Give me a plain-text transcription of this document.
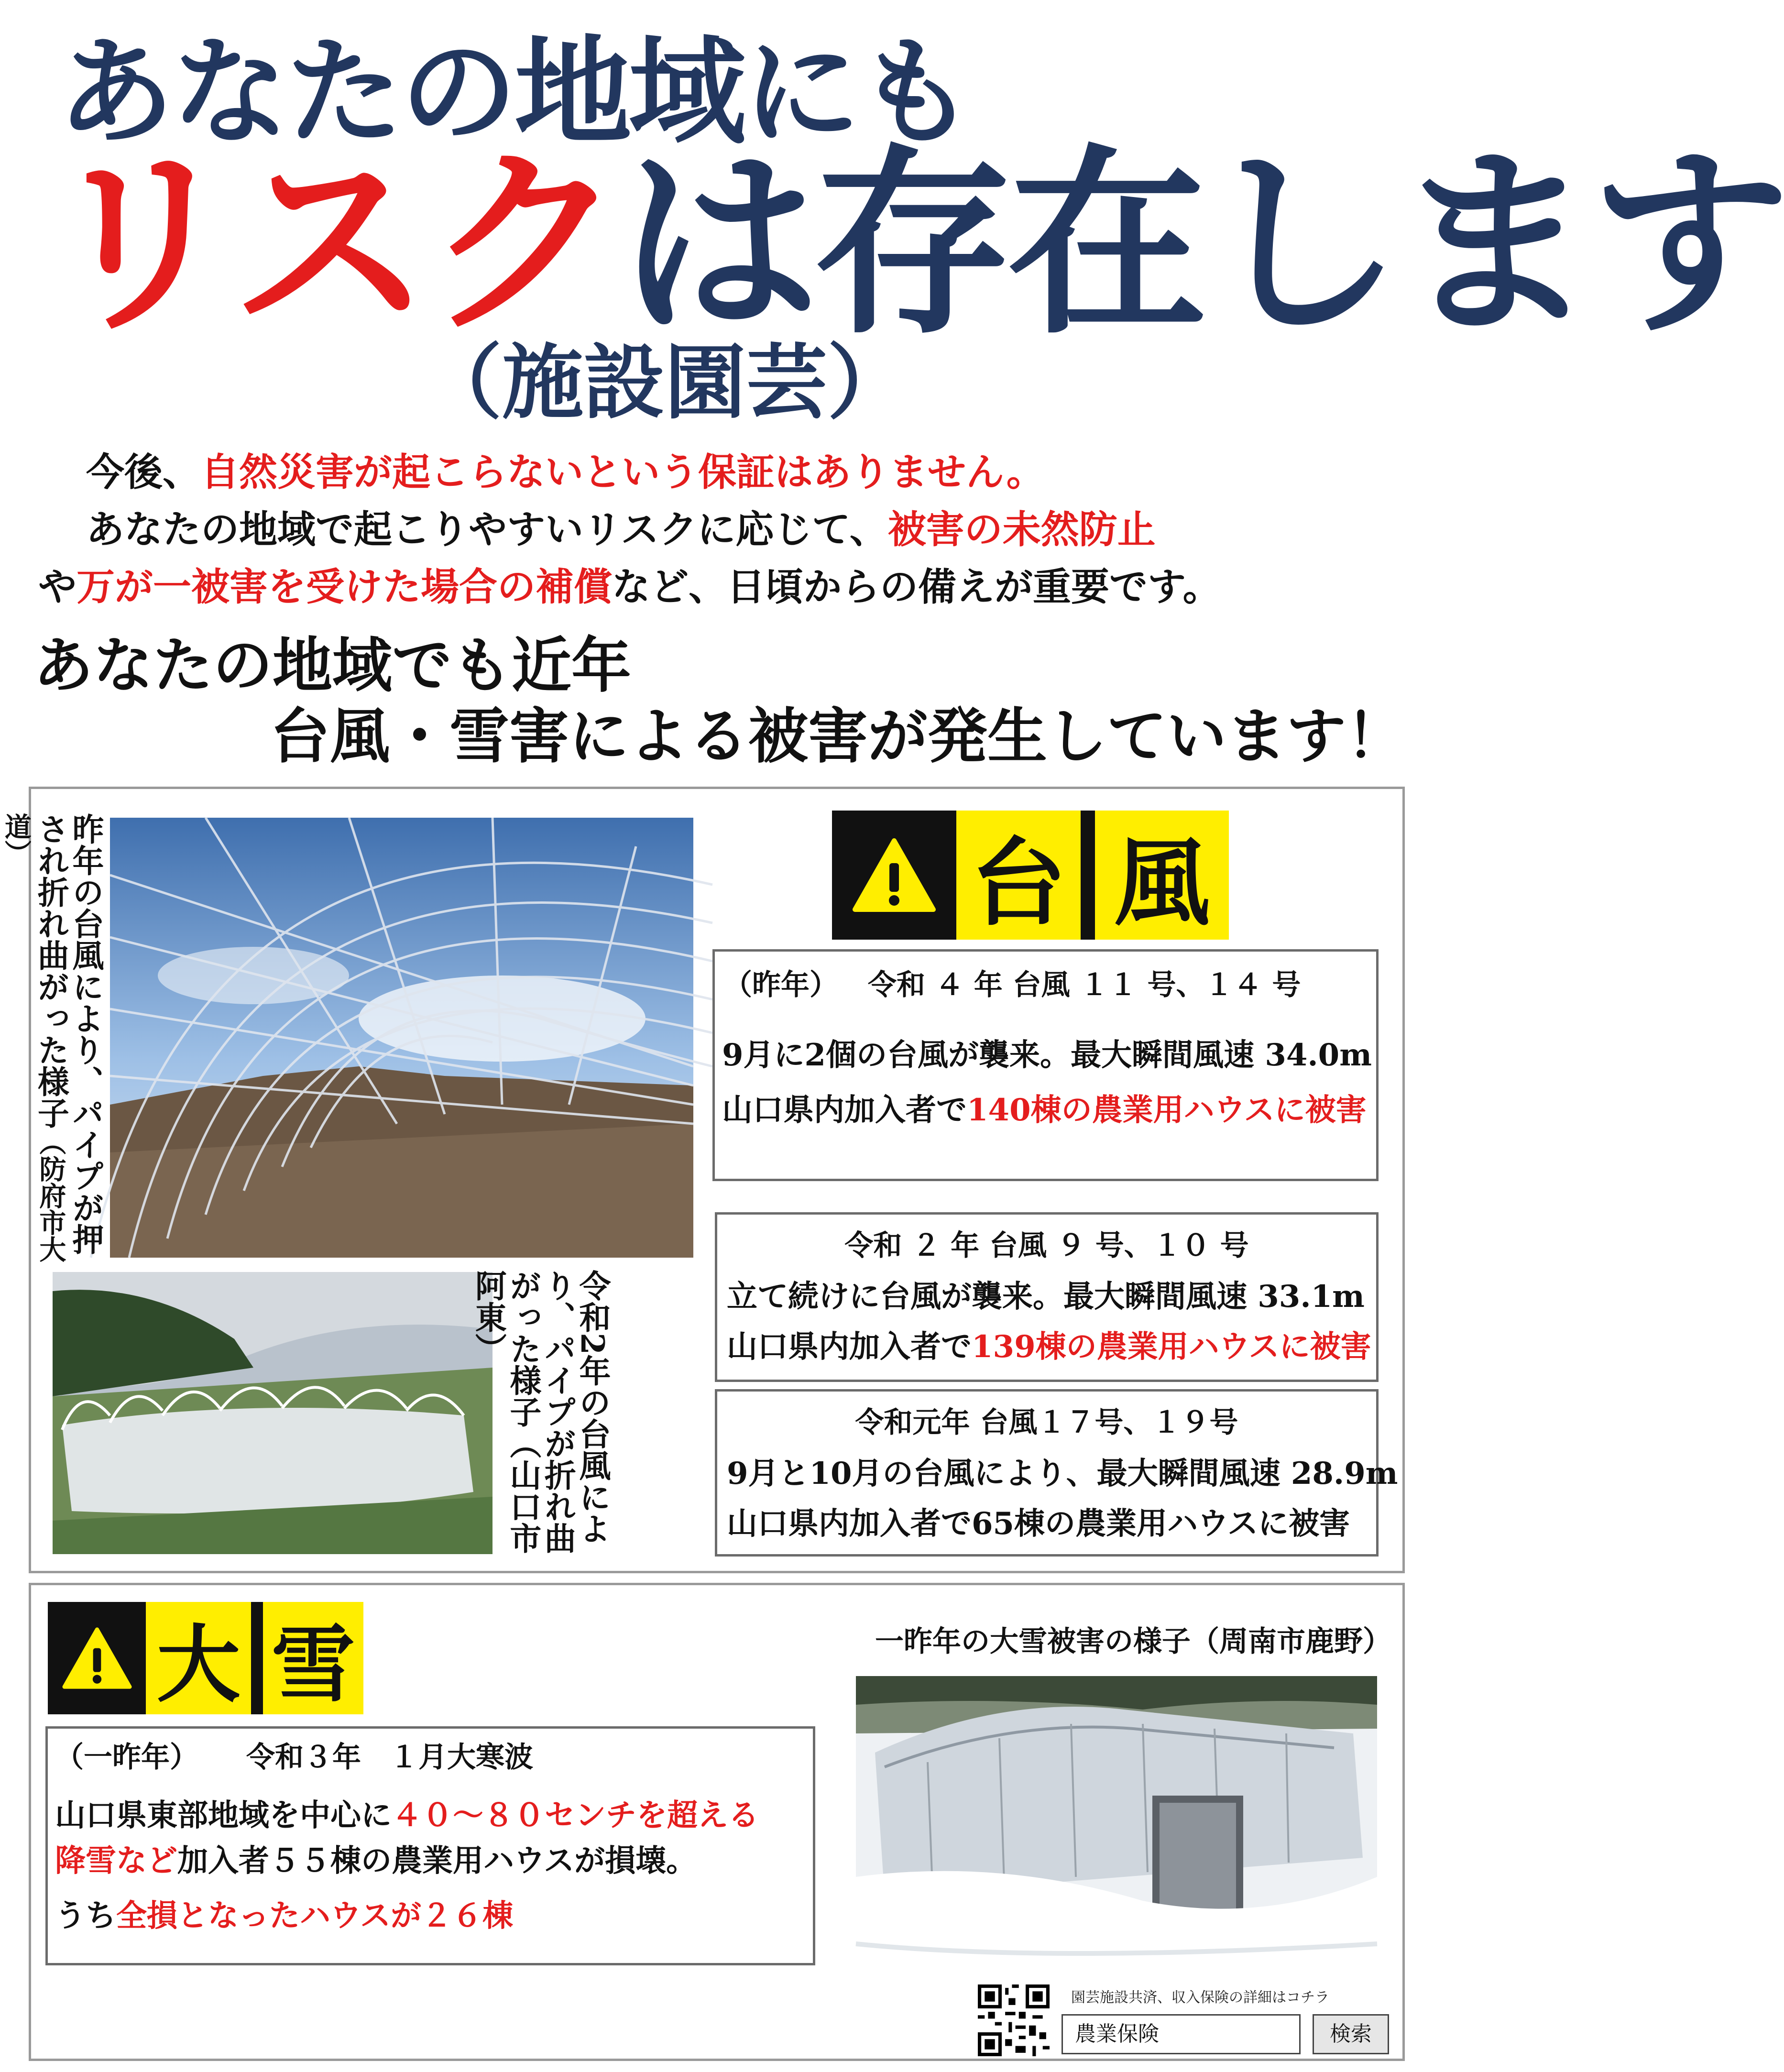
あなたの地域にも
リスクは存在します
（施設園芸）
今後、自然災害が起こらないという保証はありません。
あなたの地域で起こりやすいリスクに応じて、被害の未然防止
や万が一被害を受けた場合の補償など、日頃からの備えが重要です。
あなたの地域でも近年
台風・雪害による被害が発生しています！
昨年の台風により、パイプが押され折れ曲がった様子（防府市大道）
令和2年の台風により、パイプが折れ曲がった様子（山口市阿東）
台 風
（昨年） 令和 ４ 年 台風 １１ 号、１４ 号
9月に2個の台風が襲来。最大瞬間風速 34.0m
山口県内加入者で140棟の農業用ハウスに被害
令和 ２ 年 台風 ９ 号、１０ 号
立て続けに台風が襲来。最大瞬間風速 33.1m
山口県内加入者で139棟の農業用ハウスに被害
令和元年 台風１７号、１９号
9月と10月の台風により、最大瞬間風速 28.9m
山口県内加入者で65棟の農業用ハウスに被害
大 雪
（一昨年） 令和３年　１月大寒波
山口県東部地域を中心に４０～８０センチを超える
降雪など加入者５５棟の農業用ハウスが損壊。
うち全損となったハウスが２６棟
一昨年の大雪被害の様子（周南市鹿野）
園芸施設共済、収入保険の詳細はコチラ
農業保険	検索
